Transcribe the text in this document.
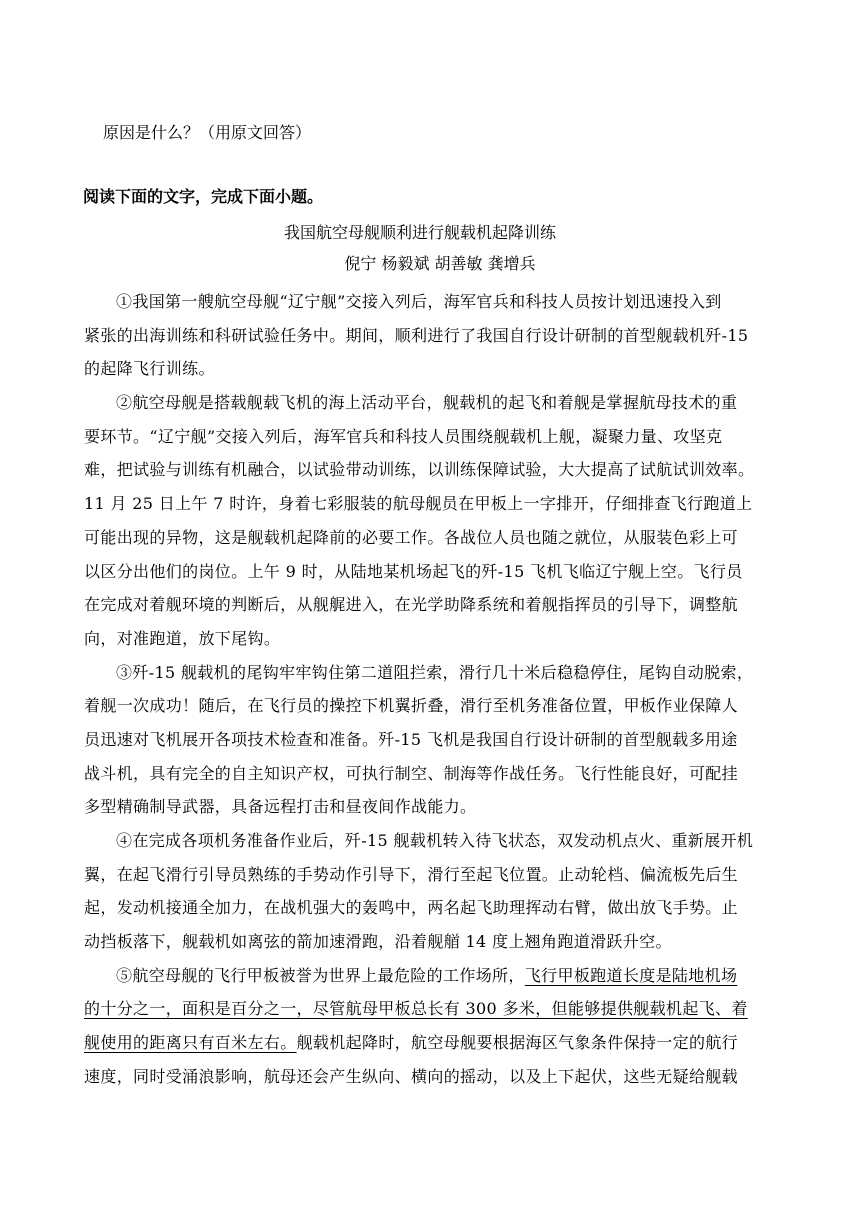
原因是什么？（用原文回答）
阅读下面的文字，完成下面小题。
我国航空母舰顺利进行舰载机起降训练
倪宁 杨毅斌 胡善敏 龚增兵
①我国第一艘航空母舰“辽宁舰”交接入列后，海军官兵和科技人员按计划迅速投入到
紧张的出海训练和科研试验任务中。期间，顺利进行了我国自行设计研制的首型舰载机歼-15
的起降飞行训练。
②航空母舰是搭载舰载飞机的海上活动平台，舰载机的起飞和着舰是掌握航母技术的重
要环节。“辽宁舰”交接入列后，海军官兵和科技人员围绕舰载机上舰，凝聚力量、攻坚克
难，把试验与训练有机融合，以试验带动训练，以训练保障试验，大大提高了试航试训效率。
11 月 25 日上午 7 时许，身着七彩服装的航母舰员在甲板上一字排开，仔细排查飞行跑道上
可能出现的异物，这是舰载机起降前的必要工作。各战位人员也随之就位，从服装色彩上可
以区分出他们的岗位。上午 9 时，从陆地某机场起飞的歼-15 飞机飞临辽宁舰上空。飞行员
在完成对着舰环境的判断后，从舰艉进入，在光学助降系统和着舰指挥员的引导下，调整航
向，对准跑道，放下尾钩。
③歼-15 舰载机的尾钩牢牢钩住第二道阻拦索，滑行几十米后稳稳停住，尾钩自动脱索，
着舰一次成功！随后，在飞行员的操控下机翼折叠，滑行至机务准备位置，甲板作业保障人
员迅速对飞机展开各项技术检查和准备。歼-15 飞机是我国自行设计研制的首型舰载多用途
战斗机，具有完全的自主知识产权，可执行制空、制海等作战任务。飞行性能良好，可配挂
多型精确制导武器，具备远程打击和昼夜间作战能力。
④在完成各项机务准备作业后，歼-15 舰载机转入待飞状态，双发动机点火、重新展开机
翼，在起飞滑行引导员熟练的手势动作引导下，滑行至起飞位置。止动轮档、偏流板先后生
起，发动机接通全加力，在战机强大的轰鸣中，两名起飞助理挥动右臂，做出放飞手势。止
动挡板落下，舰载机如离弦的箭加速滑跑，沿着舰艏 14 度上翘角跑道滑跃升空。
⑤航空母舰的飞行甲板被誉为世界上最危险的工作场所，飞行甲板跑道长度是陆地机场
的十分之一，面积是百分之一，尽管航母甲板总长有 300 多米，但能够提供舰载机起飞、着
舰使用的距离只有百米左右。舰载机起降时，航空母舰要根据海区气象条件保持一定的航行
速度，同时受涌浪影响，航母还会产生纵向、横向的摇动，以及上下起伏，这些无疑给舰载
